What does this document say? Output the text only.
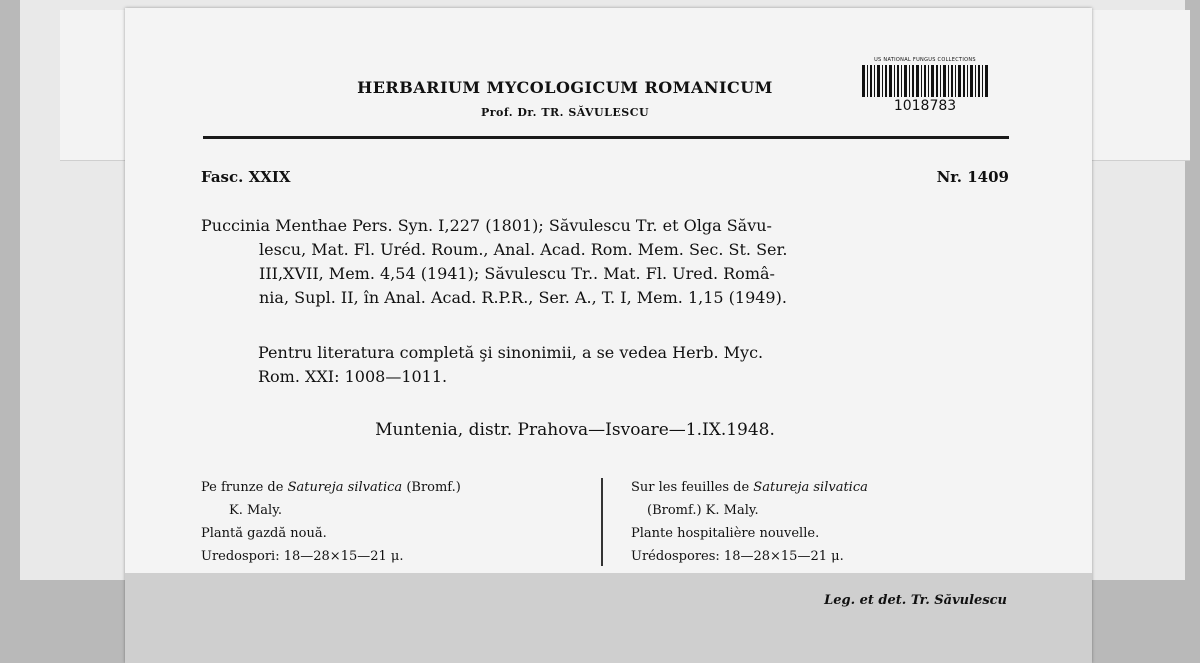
HERBARIUM MYCOLOGICUM ROMANICUM
Prof. Dr. TR. SĂVULESCU
US NATIONAL FUNGUS COLLECTIONS
1018783
Fasc. XXIX	Nr. 1409
Puccinia Menthae Pers. Syn. I,227 (1801); Săvulescu Tr. et Olga Săvu-
lescu, Mat. Fl. Uréd. Roum., Anal. Acad. Rom. Mem. Sec. St. Ser.
III,XVII, Mem. 4,54 (1941); Săvulescu Tr.. Mat. Fl. Ured. Româ-
nia, Supl. II, în Anal. Acad. R.P.R., Ser. A., T. I, Mem. 1,15 (1949).
Pentru literatura completă şi sinonimii, a se vedea Herb. Myc.
Rom. XXI: 1008—1011.
Muntenia, distr. Prahova—Isvoare—1.IX.1948.
Pe frunze de Satureja silvatica (Bromf.)
K. Maly.
Plantă gazdă nouă.
Uredospori: 18—28×15—21 μ.
Sur les feuilles de Satureja silvatica
(Bromf.) K. Maly.
Plante hospitalière nouvelle.
Urédospores: 18—28×15—21 μ.
Leg. et det. Tr. Săvulescu
